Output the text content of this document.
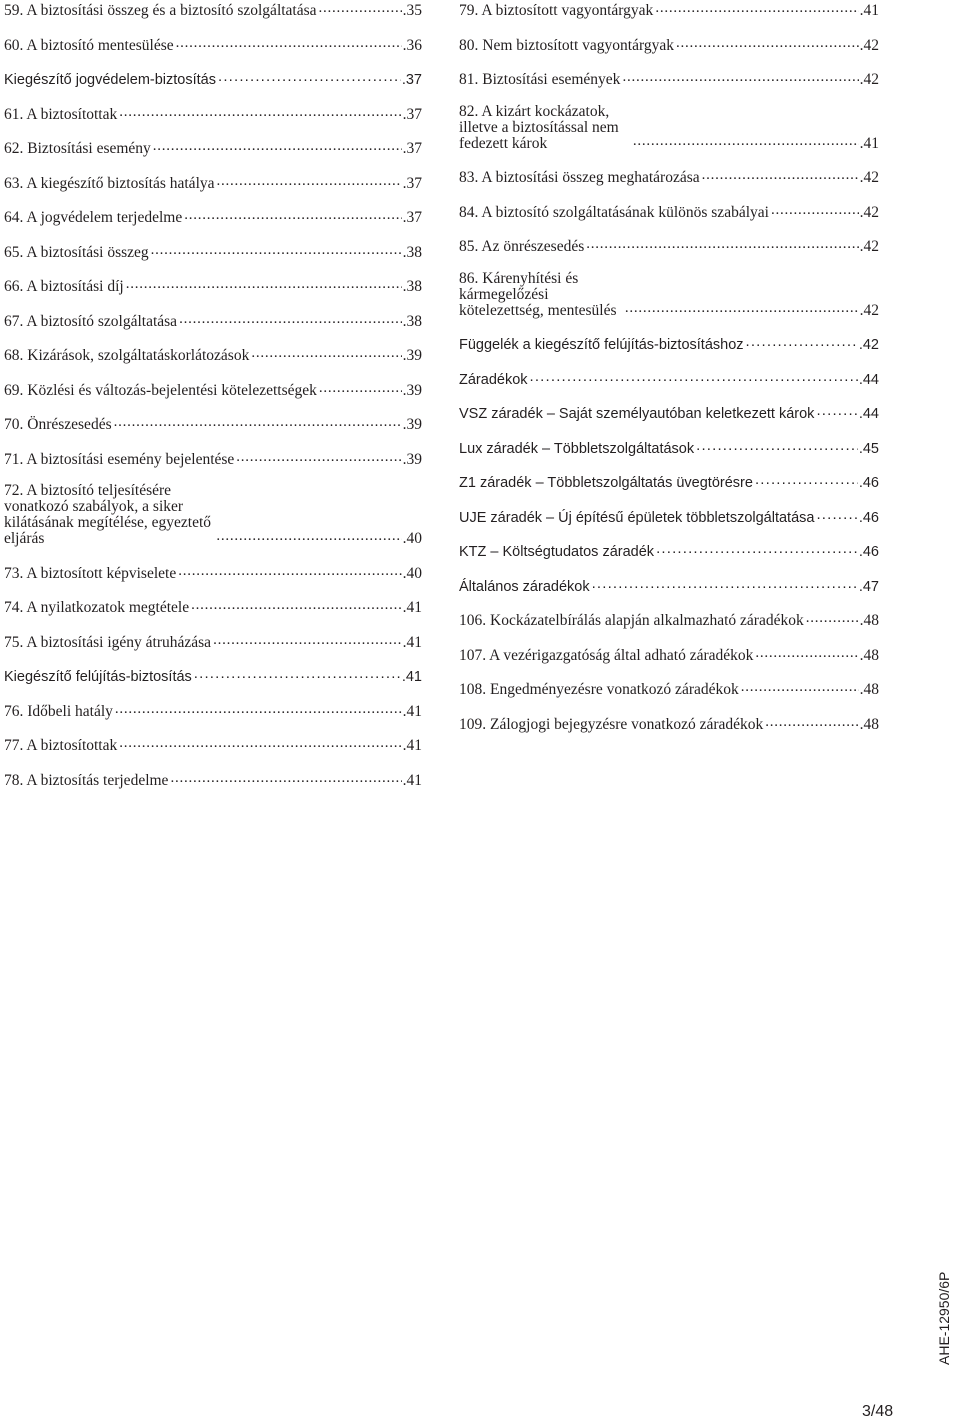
59. A biztosítási összeg és a biztosító szolgáltatása . . .	.35
60. A biztosító mentesülése . . .	.36
Kiegészítő jogvédelem-biztosítás . . .	.37
61. A biztosítottak . . .	.37
62. Biztosítási esemény . . .	.37
63. A kiegészítő biztosítás hatálya . . .	.37
64. A jogvédelem terjedelme . . .	.37
65. A biztosítási összeg . . .	.38
66. A biztosítási díj . . .	.38
67. A biztosító szolgáltatása . . .	.38
68. Kizárások, szolgáltatáskorlátozások . . .	.39
69. Közlési és változás-bejelentési kötelezettségek . . .	.39
70. Önrészesedés . . .	.39
71. A biztosítási esemény bejelentése . . .	.39
72. A biztosító teljesítésére vonatkozó szabályok, a siker kilátásának megítélése, egyeztető eljárás . . .	.40
73. A biztosított képviselete . . .	.40
74. A nyilatkozatok megtétele . . .	.41
75. A biztosítási igény átruházása . . .	.41
Kiegészítő felújítás-biztosítás . . .	.41
76. Időbeli hatály . . .	.41
77. A biztosítottak . . .	.41
78. A biztosítás terjedelme . . .	.41
79. A biztosított vagyontárgyak . . .	.41
80. Nem biztosított vagyontárgyak . . .	.42
81. Biztosítási események . . .	.42
82. A kizárt kockázatok, illetve a biztosítással nem fedezett károk . . .	.41
83. A biztosítási összeg meghatározása . . .	.42
84. A biztosító szolgáltatásának különös szabályai . . .	.42
85. Az önrészesedés . . .	.42
86. Kárenyhítési és kármegelőzési kötelezettség, mentesülés . . .	.42
Függelék a kiegészítő felújítás-biztosításhoz . . .	.42
Záradékok . . .	.44
VSZ záradék – Saját személyautóban keletkezett károk . . .	.44
Lux záradék – Többletszolgáltatások . . .	.45
Z1 záradék – Többletszolgáltatás üvegtörésre . . .	.46
UJE záradék – Új építésű épületek többletszolgáltatása . . .	.46
KTZ – Költségtudatos záradék . . .	.46
Általános záradékok . . .	.47
106. Kockázatelbírálás alapján alkalmazható záradékok . . .	.48
107. A vezérigazgatóság által adható záradékok . . .	.48
108. Engedményezésre vonatkozó záradékok . . .	.48
109. Zálogjogi bejegyzésre vonatkozó záradékok . . .	.48
AHE-12950/6P
3/48
